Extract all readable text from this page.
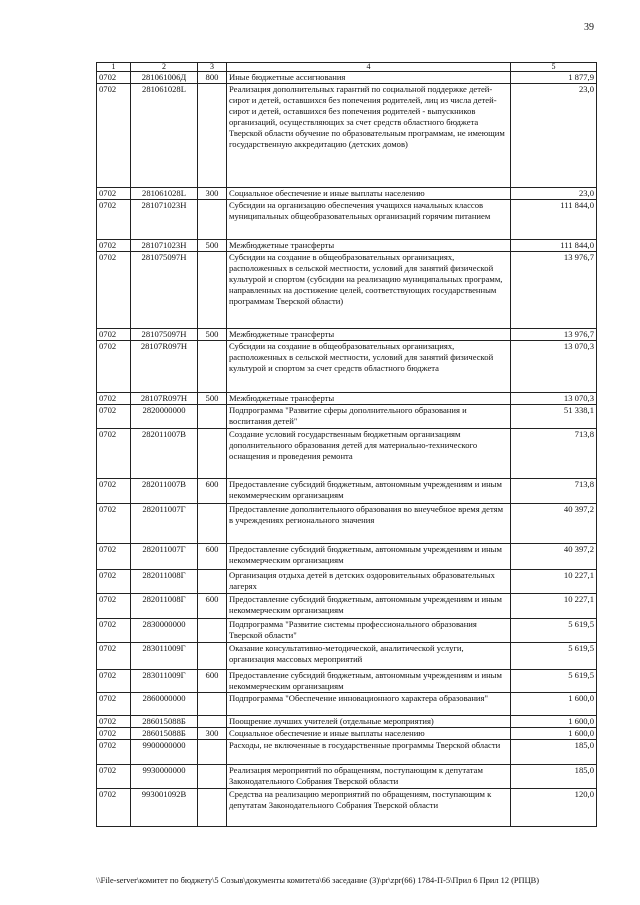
39
1	2	3	4	5
0702	281061006Д	800	Иные бюджетные ассигнования	1 877,9
0702	281061028L		Реализация дополнительных гарантий по социальной поддержке детей-сирот и детей, оставшихся без попечения родителей, лиц из числа детей-сирот и детей, оставшихся без попечения родителей - выпускников организаций, осуществляющих за счет средств областного бюджета Тверской области обучение по образовательным программам, не имеющим государственную аккредитацию (детских домов)	23,0
0702	281061028L	300	Социальное обеспечение и иные выплаты населению	23,0
0702	281071023Н		Субсидии на организацию обеспечения учащихся начальных классов муниципальных общеобразовательных организаций горячим питанием	111 844,0
0702	281071023Н	500	Межбюджетные трансферты	111 844,0
0702	281075097Н		Субсидии на создание в общеобразовательных организациях, расположенных в сельской местности, условий для занятий физической культурой и спортом (субсидии на реализацию муниципальных программ, направленных на достижение целей, соответствующих государственным программам Тверской области)	13 976,7
0702	281075097Н	500	Межбюджетные трансферты	13 976,7
0702	28107R097Н		Субсидии на создание в общеобразовательных организациях, расположенных в сельской местности, условий для занятий физической культурой и спортом за счет средств областного бюджета	13 070,3
0702	28107R097Н	500	Межбюджетные трансферты	13 070,3
0702	2820000000		Подпрограмма "Развитие сферы дополнительного образования и воспитания детей"	51 338,1
0702	282011007В		Создание условий государственным бюджетным организациям дополнительного образования детей для материально-технического оснащения и проведения ремонта	713,8
0702	282011007В	600	Предоставление субсидий бюджетным, автономным учреждениям и иным некоммерческим организациям	713,8
0702	282011007Г		Предоставление дополнительного образования во внеучебное время детям в учреждениях регионального значения	40 397,2
0702	282011007Г	600	Предоставление субсидий бюджетным, автономным учреждениям и иным некоммерческим организациям	40 397,2
0702	282011008Г		Организация отдыха детей в детских оздоровительных образовательных лагерях	10 227,1
0702	282011008Г	600	Предоставление субсидий бюджетным, автономным учреждениям и иным некоммерческим организациям	10 227,1
0702	2830000000		Подпрограмма "Развитие системы профессионального образования Тверской области"	5 619,5
0702	283011009Г		Оказание консультативно-методической, аналитической услуги, организация массовых мероприятий	5 619,5
0702	283011009Г	600	Предоставление субсидий бюджетным, автономным учреждениям и иным некоммерческим организациям	5 619,5
0702	2860000000		Подпрограмма "Обеспечение инновационного характера образования"	1 600,0
0702	286015088Б		Поощрение лучших учителей (отдельные мероприятия)	1 600,0
0702	286015088Б	300	Социальное обеспечение и иные выплаты населению	1 600,0
0702	9900000000		Расходы, не включенные в государственные программы Тверской области	185,0
0702	9930000000		Реализация мероприятий по обращениям, поступающим к депутатам Законодательного Собрания Тверской области	185,0
0702	993001092В		Средства на реализацию мероприятий по обращениям, поступающим к депутатам Законодательного Собрания Тверской области	120,0
\\File-server\комитет по бюджету\5 Созыв\документы комитета\66 заседание (3)\pr\zpr(66) 1784-П-5\Прил 6 Прил 12 (РПЦВ)
